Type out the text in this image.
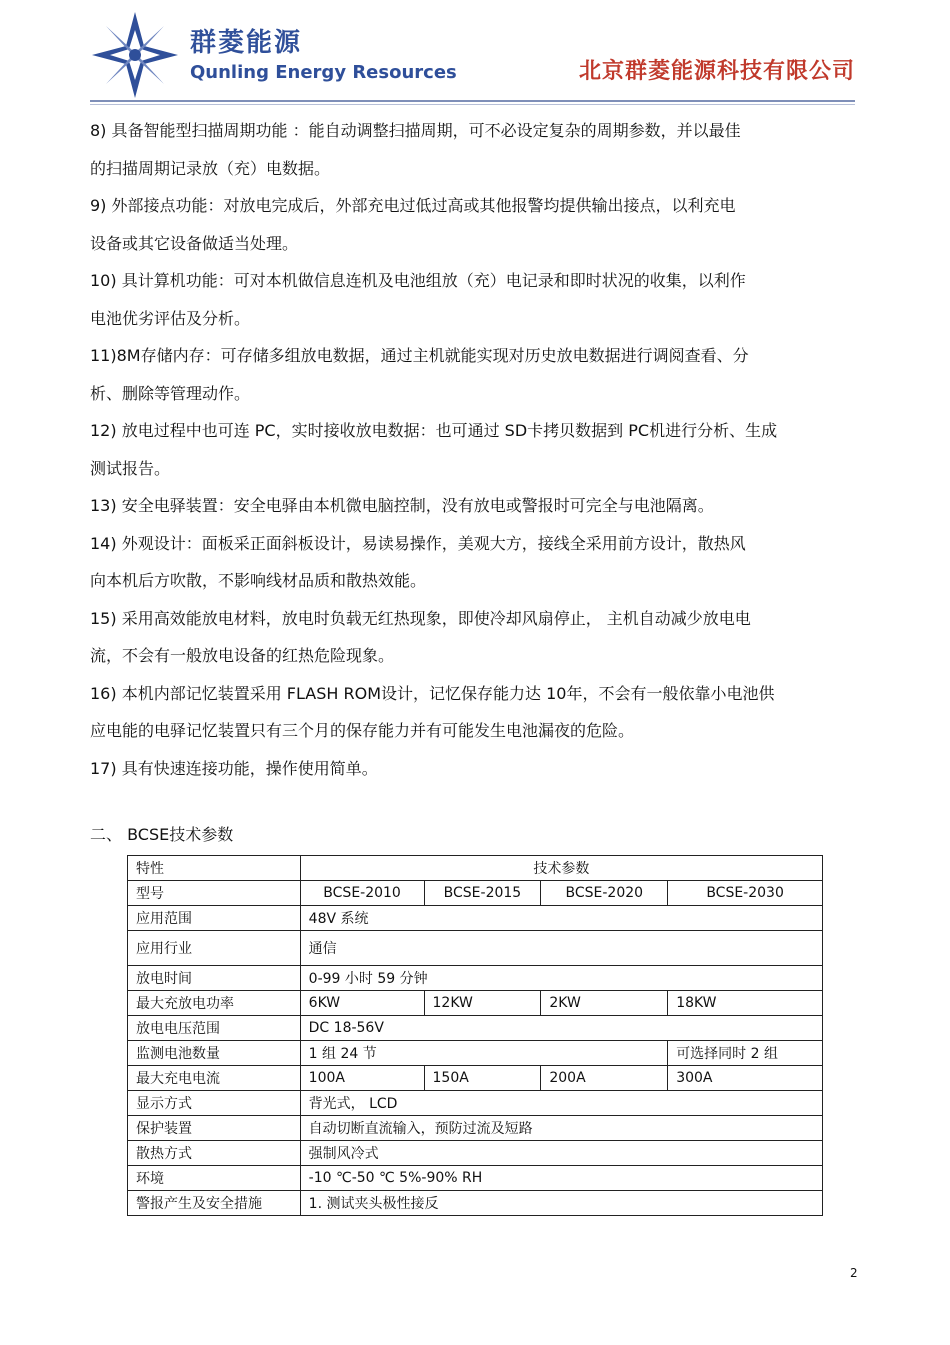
群菱能源
Qunling Energy Resources	北京群菱能源科技有限公司

8) 具备智能型扫描周期功能 ：能自动调整扫描周期，可不必设定复杂的周期参数，并以最佳
的扫描周期记录放（充）电数据。

9) 外部接点功能：对放电完成后，外部充电过低过高或其他报警均提供输出接点，以利充电
设备或其它设备做适当处理。

10) 具计算机功能：可对本机做信息连机及电池组放（充）电记录和即时状况的收集，以利作
电池优劣评估及分析。

11)8M存储内存：可存储多组放电数据，通过主机就能实现对历史放电数据进行调阅查看、分
析、删除等管理动作。

12) 放电过程中也可连 PC，实时接收放电数据：也可通过 SD卡拷贝数据到 PC机进行分析、生成
测试报告。

13) 安全电驿装置：安全电驿由本机微电脑控制，没有放电或警报时可完全与电池隔离。

14) 外观设计：面板采正面斜板设计，易读易操作，美观大方，接线全采用前方设计，散热风
向本机后方吹散，不影响线材品质和散热效能。

15) 采用高效能放电材料，放电时负载无红热现象，即使冷却风扇停止， 主机自动减少放电电
流，不会有一般放电设备的红热危险现象。

16) 本机内部记忆装置采用 FLASH ROM设计，记忆保存能力达 10年，不会有一般依靠小电池供
应电能的电驿记忆装置只有三个月的保存能力并有可能发生电池漏夜的危险。

17) 具有快速连接功能，操作使用简单。

二、 BCSE技术参数
特性	技术参数			
型号	BCSE-2010	BCSE-2015	BCSE-2020	BCSE-2030
应用范围	48V 系统			
应用行业	通信			
放电时间	0-99 小时 59 分钟			
最大充放电功率	6KW	12KW	2KW	18KW
放电电压范围	DC 18-56V			
监测电池数量	1 组 24 节			可选择同时 2 组
最大充电电流	100A	150A	200A	300A
显示方式	背光式， LCD			
保护装置	自动切断直流输入，预防过流及短路			
散热方式	强制风冷式			
环境	-10 ℃-50 ℃ 5%-90% RH			
警报产生及安全措施	1. 测试夹头极性接反			
2
